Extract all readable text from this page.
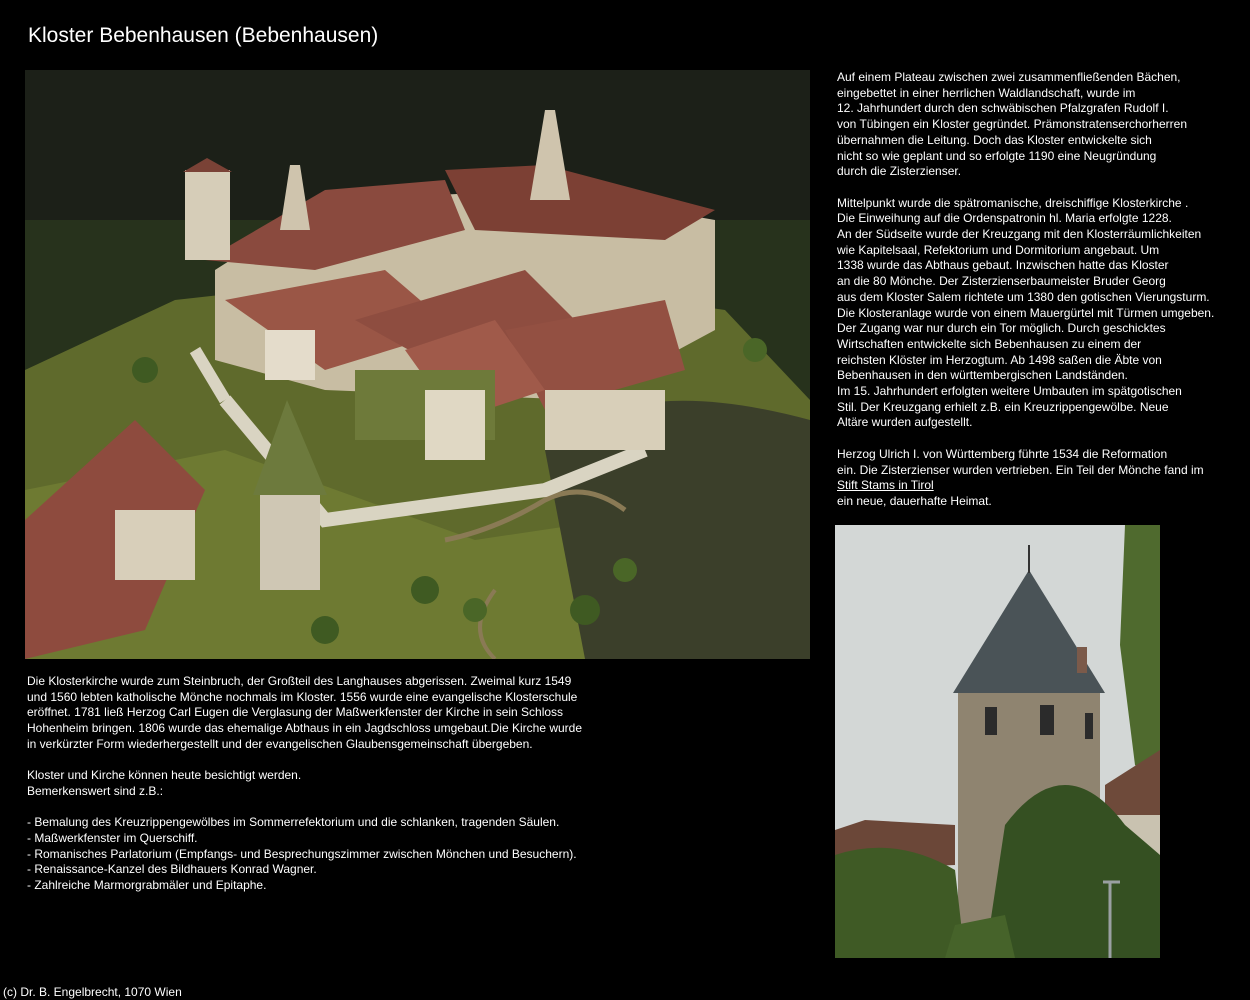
Kloster Bebenhausen (Bebenhausen)
Auf einem Plateau zwischen zwei zusammenfließenden Bächen,
eingebettet in einer herrlichen Waldlandschaft, wurde im
12. Jahrhundert durch den schwäbischen Pfalzgrafen Rudolf I.
von Tübingen ein Kloster gegründet. Prämonstratenserchorherren
übernahmen die Leitung. Doch das Kloster entwickelte sich
nicht so wie geplant und so erfolgte 1190 eine Neugründung
durch die Zisterzienser.
Mittelpunkt wurde die spätromanische, dreischiffige Klosterkirche .
Die Einweihung auf die Ordenspatronin hl. Maria erfolgte 1228.
An der Südseite wurde der Kreuzgang mit den Klosterräumlichkeiten
wie Kapitelsaal, Refektorium und Dormitorium angebaut. Um
1338 wurde das Abthaus gebaut. Inzwischen hatte das Kloster
an die 80 Mönche. Der Zisterzienserbaumeister Bruder Georg
aus dem Kloster Salem richtete um 1380 den gotischen Vierungsturm.
Die Klosteranlage wurde von einem Mauergürtel mit Türmen umgeben.
Der Zugang war nur durch ein Tor möglich. Durch geschicktes
Wirtschaften entwickelte sich Bebenhausen zu einem der
reichsten Klöster im Herzogtum. Ab 1498 saßen die Äbte von
Bebenhausen in den württembergischen Landständen.
Im 15. Jahrhundert erfolgten weitere Umbauten im spätgotischen
Stil. Der Kreuzgang erhielt z.B. ein Kreuzrippengewölbe. Neue
Altäre wurden aufgestellt.
Herzog Ulrich I. von Württemberg führte 1534 die Reformation
ein. Die Zisterzienser wurden vertrieben. Ein Teil der Mönche fand im
Stift Stams in Tirol
ein neue, dauerhafte Heimat.
Die Klosterkirche wurde zum Steinbruch, der Großteil des Langhauses abgerissen. Zweimal kurz 1549
und 1560 lebten katholische Mönche nochmals im Kloster. 1556 wurde eine evangelische Klosterschule
eröffnet. 1781 ließ Herzog Carl Eugen die Verglasung der Maßwerkfenster der Kirche in sein Schloss
Hohenheim bringen. 1806 wurde das ehemalige Abthaus in ein Jagdschloss umgebaut.Die Kirche wurde
in verkürzter Form wiederhergestellt und der evangelischen Glaubensgemeinschaft übergeben.
Kloster und Kirche können heute besichtigt werden.
Bemerkenswert sind z.B.:
- Bemalung des Kreuzrippengewölbes im Sommerrefektorium und die schlanken, tragenden Säulen.
- Maßwerkfenster im Querschiff.
- Romanisches Parlatorium (Empfangs- und Besprechungszimmer zwischen Mönchen und Besuchern).
- Renaissance-Kanzel des Bildhauers Konrad Wagner.
- Zahlreiche Marmorgrabmäler und Epitaphe.
(c) Dr. B. Engelbrecht, 1070 Wien
